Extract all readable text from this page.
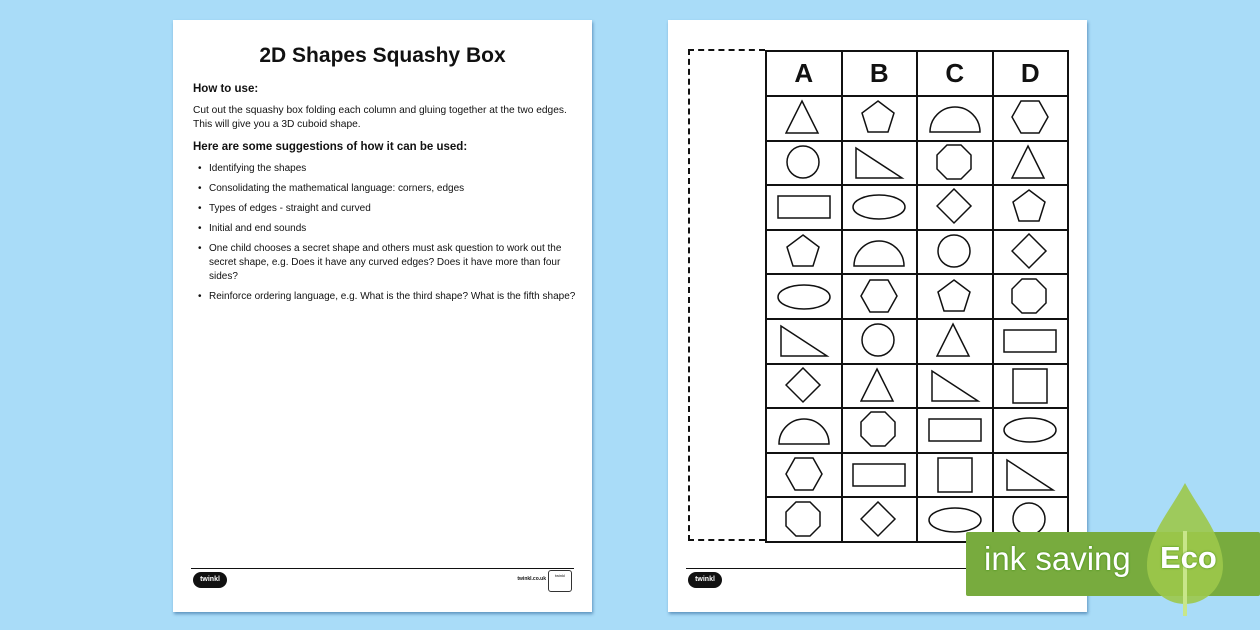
2D Shapes Squashy Box
How to use:
Cut out the squashy box folding each column and gluing together at the two edges. This will give you a 3D cuboid shape.
Here are some suggestions of how it can be used:
• Identifying the shapes
• Consolidating the mathematical language: corners, edges
• Types of edges - straight and curved
• Initial and end sounds
• One child chooses a secret shape and others must ask question to work out the secret shape, e.g. Does it have any curved edges? Does it have more than four sides?
• Reinforce ordering language, e.g. What is the third shape? What is the fifth shape?
twinkl	twinkl.co.uk
twinkl
A	B	C	D

twinkl
ink saving Eco
